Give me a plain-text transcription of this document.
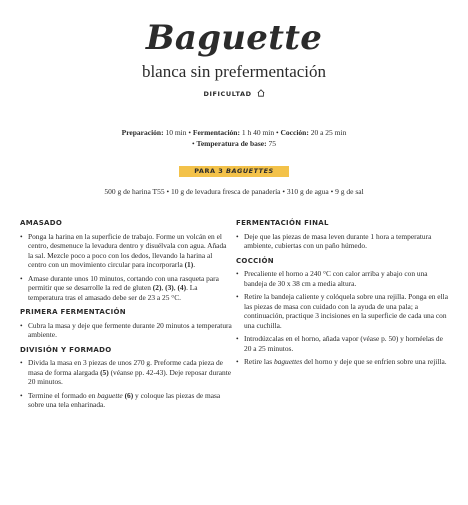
Baguette
blanca sin prefermentación
DIFICULTAD
Preparación: 10 min • Fermentación: 1 h 40 min • Cocción: 20 a 25 min
• Temperatura de base: 75
PARA 3 BAGUETTES
500 g de harina T55 • 10 g de levadura fresca de panadería • 310 g de agua • 9 g de sal
AMASADO
• Ponga la harina en la superficie de trabajo. Forme un volcán en el centro, desmenuce la levadura dentro y disuélvala con agua. Añada la sal. Mezcle poco a poco con los dedos, llevando la harina al centro con un movimiento circular para incorporarla (1).
• Amase durante unos 10 minutos, cortando con una rasqueta para permitir que se desarrolle la red de gluten (2), (3), (4). La temperatura tras el amasado debe ser de 23 a 25 °C.
PRIMERA FERMENTACIÓN
• Cubra la masa y deje que fermente durante 20 minutos a temperatura ambiente.
DIVISIÓN Y FORMADO
• Divida la masa en 3 piezas de unos 270 g. Preforme cada pieza de masa de forma alargada (5) (véanse pp. 42-43). Deje reposar durante 20 minutos.
• Termine el formado en baguette (6) y coloque las piezas de masa sobre una tela enharinada.
FERMENTACIÓN FINAL
• Deje que las piezas de masa leven durante 1 hora a temperatura ambiente, cubiertas con un paño húmedo.
COCCIÓN
• Precaliente el horno a 240 °C con calor arriba y abajo con una bandeja de 30 x 38 cm a media altura.
• Retire la bandeja caliente y colóquela sobre una rejilla. Ponga en ella las piezas de masa con cuidado con la ayuda de una pala; a continuación, practique 3 incisiones en la superficie de cada una con una cuchilla.
• Introdúzcalas en el horno, añada vapor (véase p. 50) y hornéelas de 20 a 25 minutos.
• Retire las baguettes del horno y deje que se enfríen sobre una rejilla.
